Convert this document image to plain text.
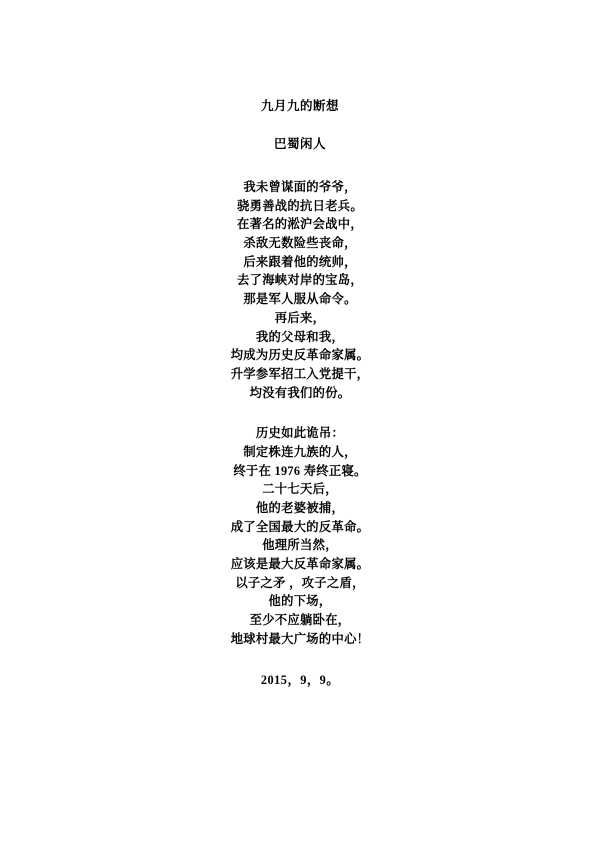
九月九的断想
巴蜀闲人
我未曾谋面的爷爷，
骁勇善战的抗日老兵。
在著名的淞沪会战中，
杀敌无数险些丧命，
后来跟着他的统帅，
去了海峡对岸的宝岛，
那是军人服从命令。
再后来，
我的父母和我，
均成为历史反革命家属。
升学参军招工入党提干，
均没有我们的份。
历史如此诡吊：
制定株连九族的人，
终于在 1976 寿终正寝。
二十七天后，
他的老婆被捕，
成了全国最大的反革命。
他理所当然，
应该是最大反革命家属。
以子之矛 ，攻子之盾，
他的下场，
至少不应躺卧在，
地球村最大广场的中心！
2015，9，9。
